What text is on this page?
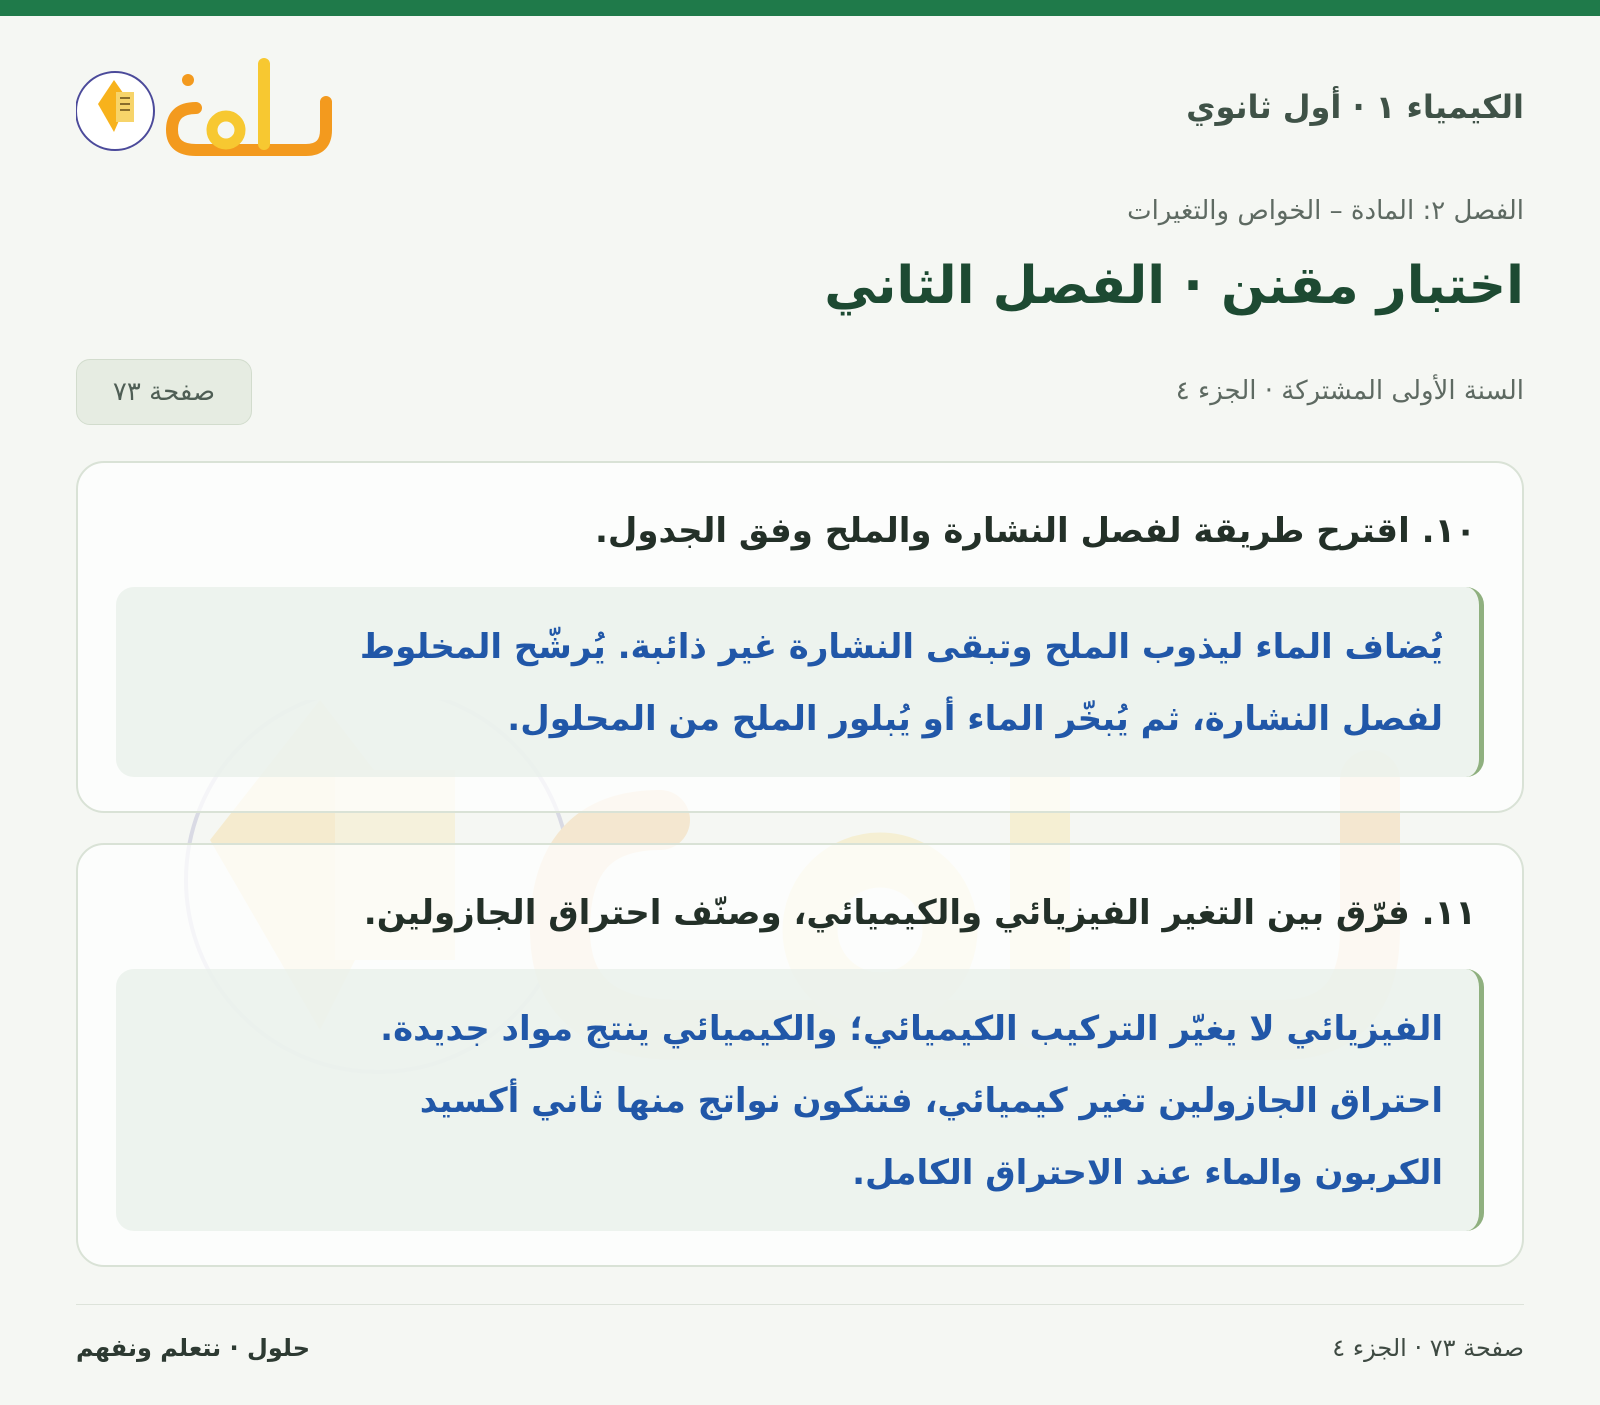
الكيمياء ١ · أول ثانوي
الفصل ٢: المادة – الخواص والتغيرات
اختبار مقنن · الفصل الثاني
السنة الأولى المشتركة · الجزء ٤
صفحة ٧٣
١٠. اقترح طريقة لفصل النشارة والملح وفق الجدول.
يُضاف الماء ليذوب الملح وتبقى النشارة غير ذائبة. يُرشّح المخلوط
لفصل النشارة، ثم يُبخّر الماء أو يُبلور الملح من المحلول.
١١. فرّق بين التغير الفيزيائي والكيميائي، وصنّف احتراق الجازولين.
الفيزيائي لا يغيّر التركيب الكيميائي؛ والكيميائي ينتج مواد جديدة.
احتراق الجازولين تغير كيميائي، فتتكون نواتج منها ثاني أكسيد
الكربون والماء عند الاحتراق الكامل.
صفحة ٧٣ · الجزء ٤
حلول · نتعلم ونفهم
